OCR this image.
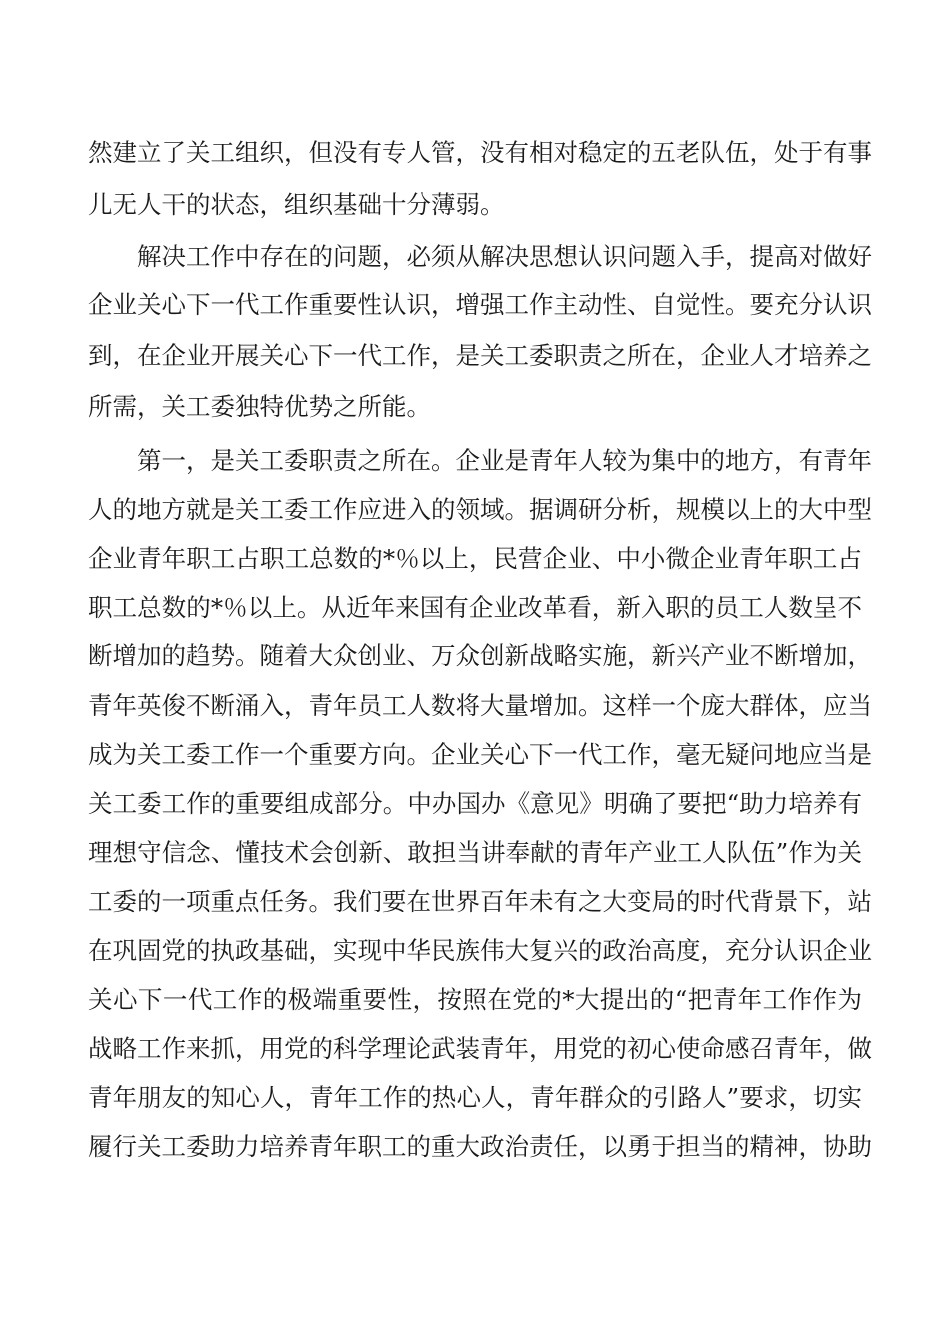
然建立了关工组织，但没有专人管，没有相对稳定的五老队伍，处于有事
儿无人干的状态，组织基础十分薄弱。
解决工作中存在的问题，必须从解决思想认识问题入手，提高对做好
企业关心下一代工作重要性认识，增强工作主动性、自觉性。要充分认识
到，在企业开展关心下一代工作，是关工委职责之所在，企业人才培养之
所需，关工委独特优势之所能。
第一，是关工委职责之所在。企业是青年人较为集中的地方，有青年
人的地方就是关工委工作应进入的领域。据调研分析，规模以上的大中型
企业青年职工占职工总数的*％以上，民营企业、中小微企业青年职工占
职工总数的*％以上。从近年来国有企业改革看，新入职的员工人数呈不
断增加的趋势。随着大众创业、万众创新战略实施，新兴产业不断增加，
青年英俊不断涌入，青年员工人数将大量增加。这样一个庞大群体，应当
成为关工委工作一个重要方向。企业关心下一代工作，毫无疑问地应当是
关工委工作的重要组成部分。中办国办《意见》明确了要把“助力培养有
理想守信念、懂技术会创新、敢担当讲奉献的青年产业工人队伍”作为关
工委的一项重点任务。我们要在世界百年未有之大变局的时代背景下，站
在巩固党的执政基础，实现中华民族伟大复兴的政治高度，充分认识企业
关心下一代工作的极端重要性，按照在党的*大提出的“把青年工作作为
战略工作来抓，用党的科学理论武装青年，用党的初心使命感召青年，做
青年朋友的知心人，青年工作的热心人，青年群众的引路人”要求，切实
履行关工委助力培养青年职工的重大政治责任，以勇于担当的精神，协助
